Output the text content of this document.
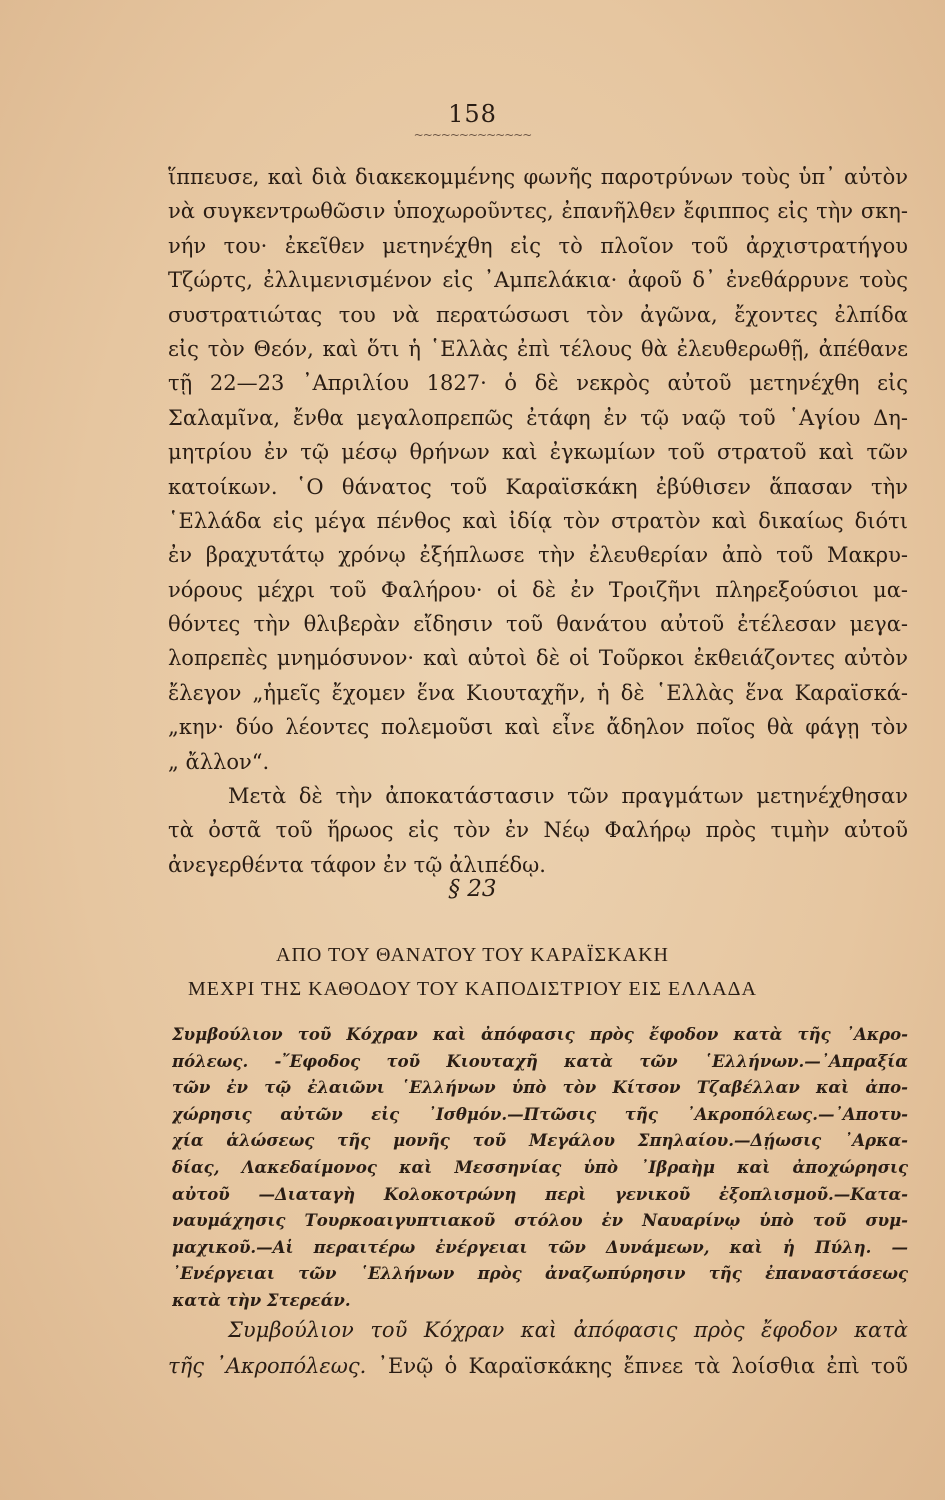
158
~~~~~~~~~~~~~
ἵππευσε, καὶ διὰ διακεκομμένης φωνῆς παροτρύνων τοὺς ὑπ᾽ αὐτὸν
νὰ συγκεντρωθῶσιν ὑποχωροῦντες, ἐπανῆλθεν ἔφιππος εἰς τὴν σκη-
νήν του· ἐκεῖθεν μετηνέχθη εἰς τὸ πλοῖον τοῦ ἀρχιστρατήγου
Τζώρτς, ἐλλιμενισμένον εἰς ᾿Αμπελάκια· ἀφοῦ δ᾽ ἐνεθάρρυνε τοὺς
συστρατιώτας του νὰ περατώσωσι τὸν ἀγῶνα, ἔχοντες ἐλπίδα
εἰς τὸν Θεόν, καὶ ὅτι ἡ ῾Ελλὰς ἐπὶ τέλους θὰ ἐλευθερωθῇ, ἀπέθανε
τῇ 22—23 ᾿Απριλίου 1827· ὁ δὲ νεκρὸς αὐτοῦ μετηνέχθη εἰς
Σαλαμῖνα, ἔνθα μεγαλοπρεπῶς ἐτάφη ἐν τῷ ναῷ τοῦ ῾Αγίου Δη-
μητρίου ἐν τῷ μέσῳ θρήνων καὶ ἐγκωμίων τοῦ στρατοῦ καὶ τῶν
κατοίκων. ῾Ο θάνατος τοῦ Καραϊσκάκη ἐβύθισεν ἅπασαν τὴν
῾Ελλάδα εἰς μέγα πένθος καὶ ἰδίᾳ τὸν στρατὸν καὶ δικαίως διότι
ἐν βραχυτάτῳ χρόνῳ ἐξήπλωσε τὴν ἐλευθερίαν ἀπὸ τοῦ Μακρυ-
νόρους μέχρι τοῦ Φαλήρου· οἱ δὲ ἐν Τροιζῆνι πληρεξούσιοι μα-
θόντες τὴν θλιβερὰν εἴδησιν τοῦ θανάτου αὐτοῦ ἐτέλεσαν μεγα-
λοπρεπὲς μνημόσυνον· καὶ αὐτοὶ δὲ οἱ Τοῦρκοι ἐκθειάζοντες αὐτὸν
ἔλεγον „ἡμεῖς ἔχομεν ἕνα Κιουταχῆν, ἡ δὲ ῾Ελλὰς ἕνα Καραϊσκά-
„κην· δύο λέοντες πολεμοῦσι καὶ εἶνε ἄδηλον ποῖος θὰ φάγῃ τὸν
„ ἄλλον“.
Μετὰ δὲ τὴν ἀποκατάστασιν τῶν πραγμάτων μετηνέχθησαν
τὰ ὀστᾶ τοῦ ἥρωος εἰς τὸν ἐν Νέῳ Φαλήρῳ πρὸς τιμὴν αὐτοῦ
ἀνεγερθέντα τάφον ἐν τῷ ἀλιπέδῳ.
§ 23
ΑΠΟ ΤΟΥ ΘΑΝΑΤΟΥ ΤΟΥ ΚΑΡΑΪΣΚΑΚΗ
ΜΕΧΡΙ ΤΗΣ ΚΑΘΟΔΟΥ ΤΟΥ ΚΑΠΟΔΙΣΤΡΙΟΥ ΕΙΣ ΕΛΛΑΔΑ
Συμβούλιον τοῦ Κόχραν καὶ ἀπόφασις πρὸς ἔφοδον κατὰ τῆς ᾿Ακρο-
πόλεως. -῎Εφοδος τοῦ Κιουταχῆ κατὰ τῶν ῾Ελλήνων.—᾿Απραξία
τῶν ἐν τῷ ἐλαιῶνι ῾Ελλήνων ὑπὸ τὸν Κίτσον Τζαβέλλαν καὶ ἀπο-
χώρησις αὐτῶν εἰς ᾿Ισθμόν.—Πτῶσις τῆς ᾿Ακροπόλεως.—᾿Αποτυ-
χία ἁλώσεως τῆς μονῆς τοῦ Μεγάλου Σπηλαίου.—Δῄωσις ᾿Αρκα-
δίας, Λακεδαίμονος καὶ Μεσσηνίας ὑπὸ ᾿Ιβραὴμ καὶ ἀποχώρησις
αὐτοῦ —Διαταγὴ Κολοκοτρώνη περὶ γενικοῦ ἐξοπλισμοῦ.—Κατα-
ναυμάχησις Τουρκοαιγυπτιακοῦ στόλου ἐν Ναυαρίνῳ ὑπὸ τοῦ συμ-
μαχικοῦ.—Αἱ περαιτέρω ἐνέργειαι τῶν Δυνάμεων, καὶ ἡ Πύλη. —
᾿Ενέργειαι τῶν ῾Ελλήνων πρὸς ἀναζωπύρησιν τῆς ἐπαναστάσεως
κατὰ τὴν Στερεάν.
Συμβούλιον τοῦ Κόχραν καὶ ἀπόφασις πρὸς ἔφοδον κατὰ
τῆς ᾿Ακροπόλεως. ᾿Ενῷ ὁ Καραϊσκάκης ἔπνεε τὰ λοίσθια ἐπὶ τοῦ
